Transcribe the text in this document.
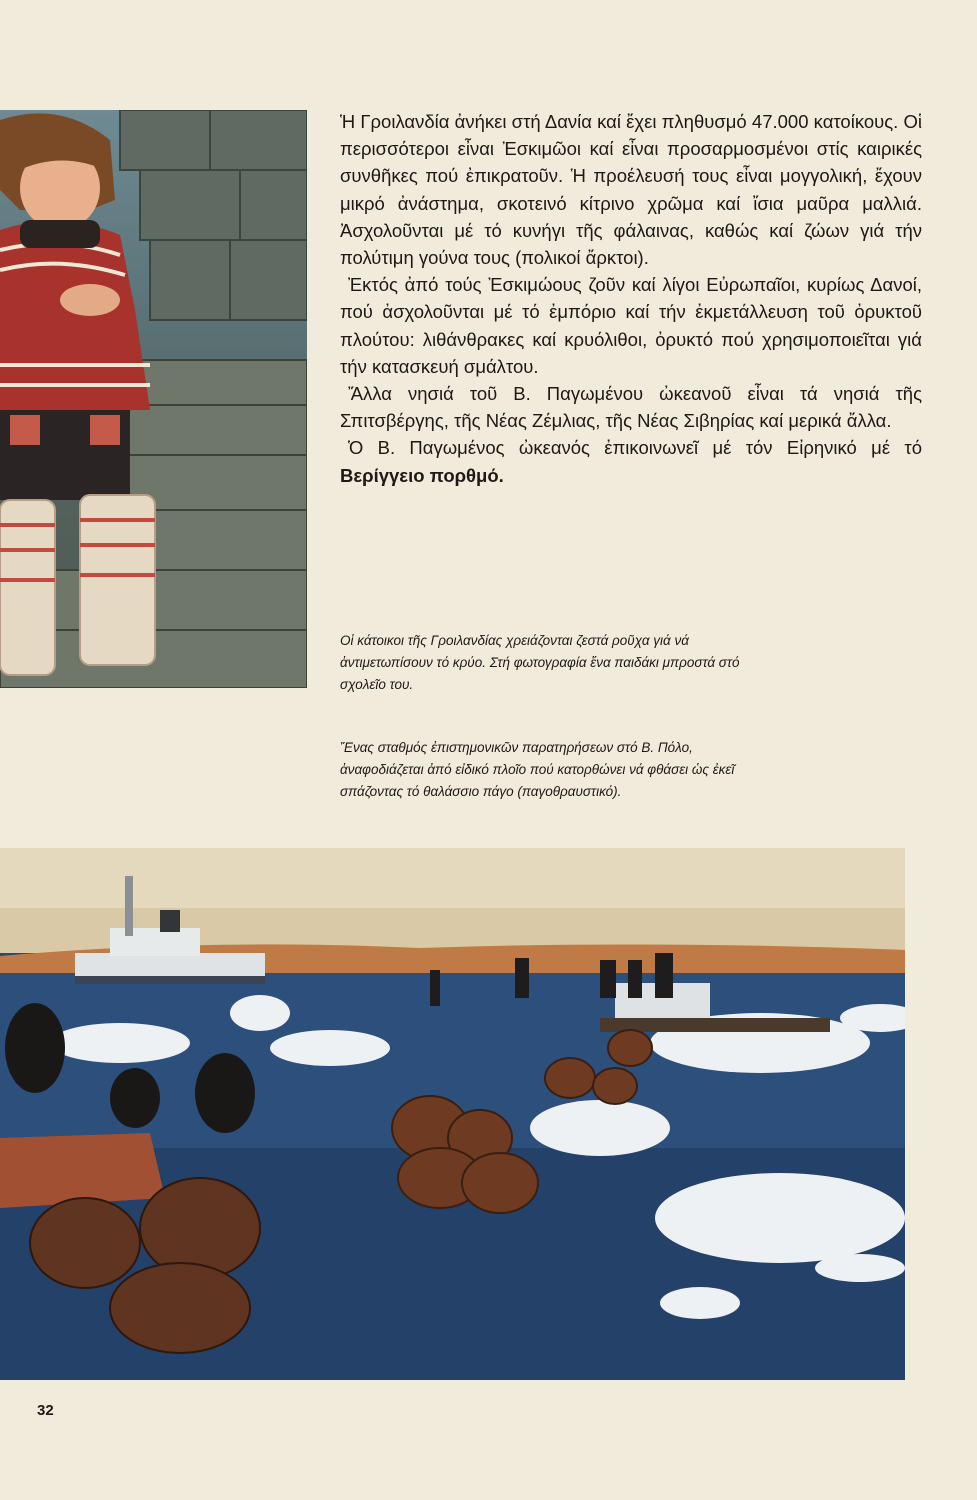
Ἡ Γροιλανδία ἀνήκει στή Δανία καί ἔχει πληθυσμό 47.000 κατοίκους. Οἱ περισσότεροι εἶναι Ἐσκιμῶοι καί εἶναι προσαρμοσμένοι στίς καιρικές συνθῆκες πού ἐπικρατοῦν. Ἡ προέλευσή τους εἶναι μογγολική, ἔχουν μικρό ἀνάστημα, σκοτεινό κίτρινο χρῶμα καί ἴσια μαῦρα μαλλιά. Ἀσχολοῦνται μέ τό κυνήγι τῆς φάλαινας, καθώς καί ζώων γιά τήν πολύτιμη γούνα τους (πολικοί ἄρκτοι).

Ἐκτός ἀπό τούς Ἐσκιμώους ζοῦν καί λίγοι Εὐρωπαῖοι, κυρίως Δανοί, πού ἀσχολοῦνται μέ τό ἐμπόριο καί τήν ἐκμετάλλευση τοῦ ὀρυκτοῦ πλούτου: λιθάνθρακες καί κρυόλιθοι, ὀρυκτό πού χρησιμοποιεῖται γιά τήν κατασκευή σμάλτου.

Ἄλλα νησιά τοῦ Β. Παγωμένου ὠκεανοῦ εἶναι τά νησιά τῆς Σπιτσβέργης, τῆς Νέας Ζέμλιας, τῆς Νέας Σιβηρίας καί μερικά ἄλλα.

Ὁ Β. Παγωμένος ὠκεανός ἐπικοινωνεῖ μέ τόν Εἰρηνικό μέ τό Βερίγγειο πορθμό.

Οἱ κάτοικοι τῆς Γροιλανδίας χρειάζονται ζεστά ροῦχα γιά νά ἀντιμετωπίσουν τό κρύο. Στή φωτογραφία ἕνα παιδάκι μπροστά στό σχολεῖο του.
Ἕνας σταθμός ἐπιστημονικῶν παρατηρήσεων στό Β. Πόλο, ἀναφοδιάζεται ἀπό εἰδικό πλοῖο πού κατορθώνει νά φθάσει ὡς ἐκεῖ σπάζοντας τό θαλάσσιο πάγο (παγοθραυστικό).
32
